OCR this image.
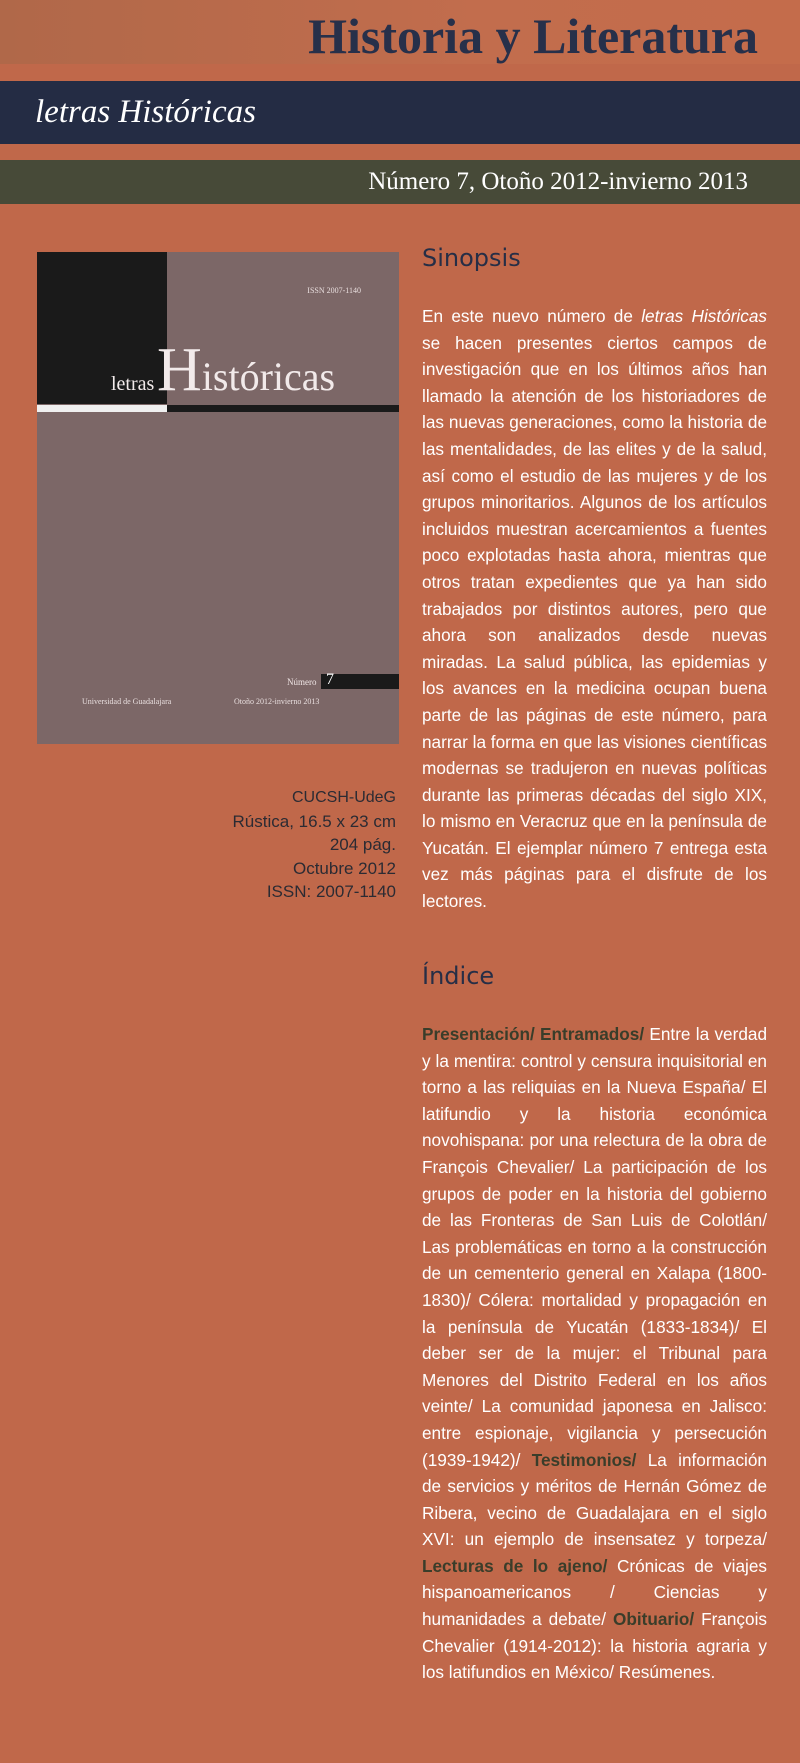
Historia y Literatura
letras Históricas
Número 7, Otoño 2012-invierno 2013
ISSN 2007-1140
Históricas
letras
Número 7
Universidad de Guadalajara	Otoño 2012-invierno 2013
CUCSH-UdeG
Rústica, 16.5 x 23 cm
204 pág.
Octubre 2012
ISSN: 2007-1140
Sinopsis

En este nuevo número de letras Históricas se hacen presentes ciertos campos de investigación que en los últimos años han llamado la atención de los historiadores de las nuevas generaciones, como la historia de las mentalidades, de las elites y de la salud, así como el estudio de las mujeres y de los grupos minoritarios. Algunos de los artículos incluidos muestran acercamientos a fuentes poco explotadas hasta ahora, mientras que otros tratan expedientes que ya han sido trabajados por distintos autores, pero que ahora son analizados desde nuevas miradas. La salud pública, las epidemias y los avances en la medicina ocupan buena parte de las páginas de este número, para narrar la forma en que las visiones científicas modernas se tradujeron en nuevas políticas durante las primeras décadas del siglo XIX, lo mismo en Veracruz que en la península de Yucatán. El ejemplar número 7 entrega esta vez más páginas para el disfrute de los lectores.

Índice

Presentación/ Entramados/ Entre la verdad y la mentira: control y censura inquisitorial en torno a las reliquias en la Nueva España/ El latifundio y la historia económica novohispana: por una relectura de la obra de François Chevalier/ La participación de los grupos de poder en la historia del gobierno de las Fronteras de San Luis de Colotlán/ Las problemáticas en torno a la construcción de un cementerio general en Xalapa (1800-1830)/ Cólera: mortalidad y propagación en la península de Yucatán (1833-1834)/ El deber ser de la mujer: el Tribunal para Menores del Distrito Federal en los años veinte/ La comunidad japonesa en Jalisco: entre espionaje, vigilancia y persecución (1939-1942)/ Testimonios/ La información de servicios y méritos de Hernán Gómez de Ribera, vecino de Guadalajara en el siglo XVI: un ejemplo de insensatez y torpeza/ Lecturas de lo ajeno/ Crónicas de viajes hispanoamericanos / Ciencias y humanidades a debate/ Obituario/ François Chevalier (1914-2012): la historia agraria y los latifundios en México/ Resúmenes.
